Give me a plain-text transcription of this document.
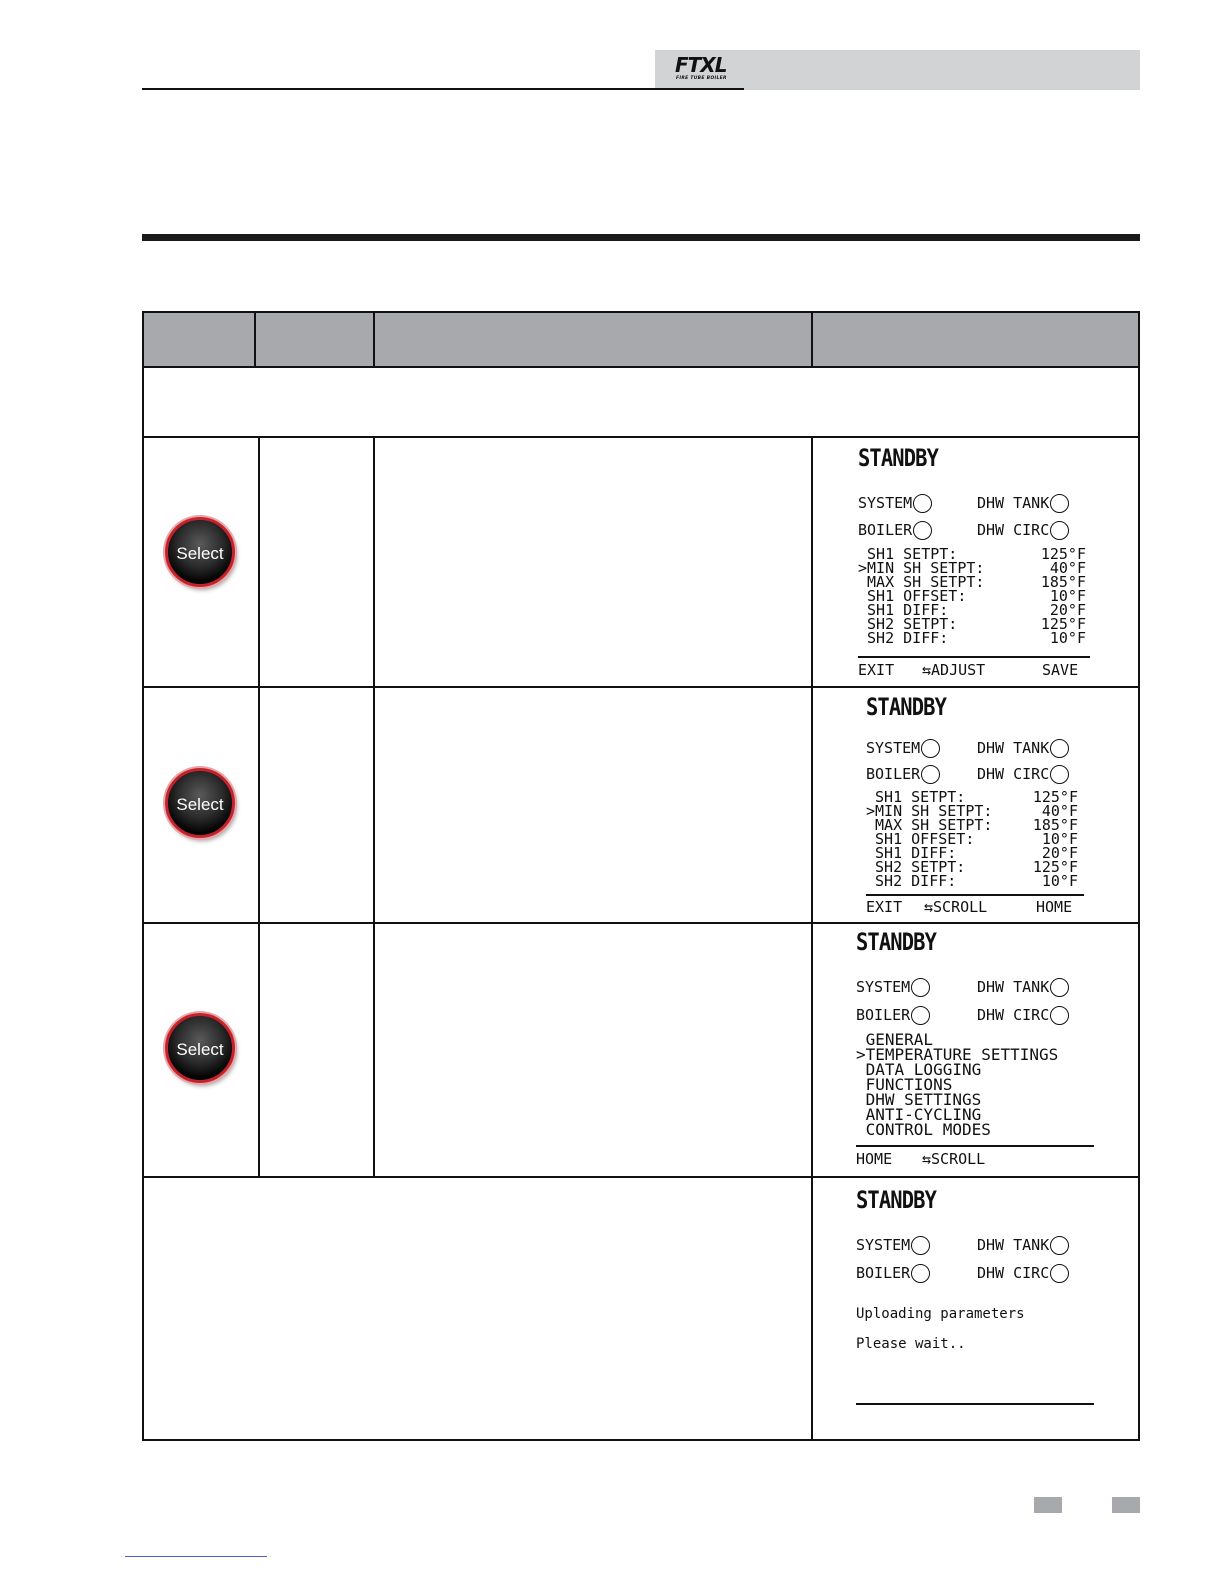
FTXL
FIRE TUBE BOILER
Select
STANDBY
SYSTEM	DHW TANK
BOILER	DHW CIRC
SH1 SETPT:	125°F
>MIN SH SETPT:	40°F
MAX SH SETPT:	185°F
SH1 OFFSET:	10°F
SH1 DIFF:	20°F
SH2 SETPT:	125°F
SH2 DIFF:	10°F
EXIT ⇆ADJUST	SAVE
Select
STANDBY
SYSTEM	DHW TANK
BOILER	DHW CIRC
SH1 SETPT:	125°F
>MIN SH SETPT:	40°F
MAX SH SETPT:	185°F
SH1 OFFSET:	10°F
SH1 DIFF:	20°F
SH2 SETPT:	125°F
SH2 DIFF:	10°F
EXIT ⇆SCROLL	HOME
Select
STANDBY
SYSTEM	DHW TANK
BOILER	DHW CIRC
GENERAL
>TEMPERATURE SETTINGS
DATA LOGGING
FUNCTIONS
DHW SETTINGS
ANTI-CYCLING
CONTROL MODES
HOME ⇆SCROLL
STANDBY
SYSTEM	DHW TANK
BOILER	DHW CIRC
Uploading parameters
Please wait..
